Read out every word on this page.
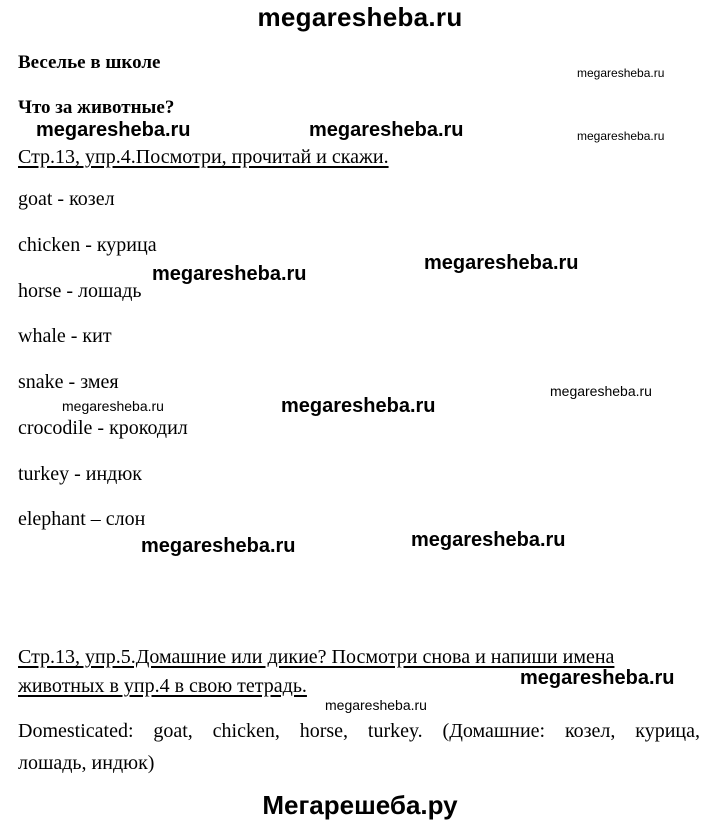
megaresheba.ru
Веселье в школе
Что за животные?
Стр.13, упр.4.Посмотри, прочитай и скажи.
goat - козел
chicken - курица
horse - лошадь
whale - кит
snake - змея
crocodile - крокодил
turkey - индюк
elephant – слон
Стр.13, упр.5.Домашние или дикие? Посмотри снова и напиши имена
животных в упр.4 в свою тетрадь.
Domesticated: goat, chicken, horse, turkey. (Домашние: козел, курица,
лошадь, индюк)
megaresheba.ru	megaresheba.ru
megaresheba.ru
megaresheba.ru
megaresheba.ru	megaresheba.ru
megaresheba.ru
megaresheba.ru	megaresheba.ru
megaresheba.ru
megaresheba.ru
megaresheba.ru
megaresheba.ru
Мегарешеба.ру
